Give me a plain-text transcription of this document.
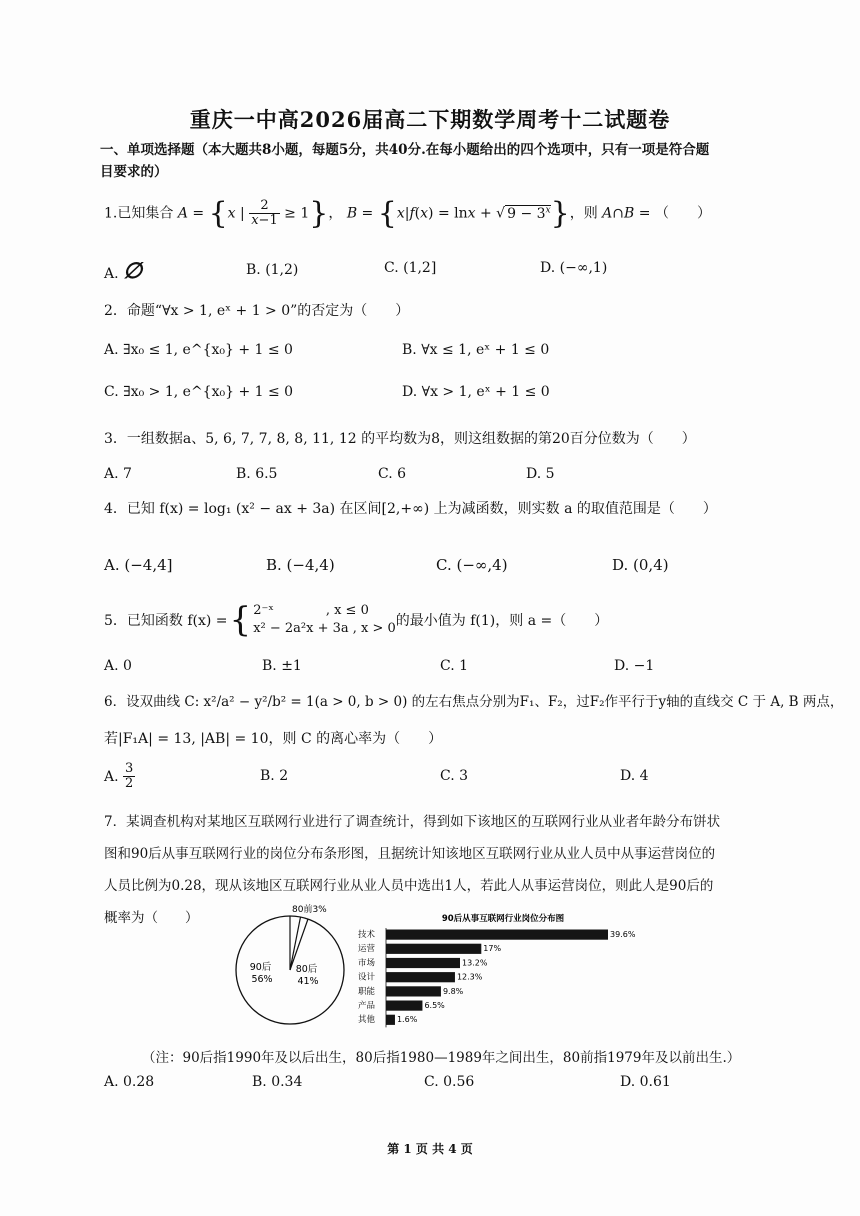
重庆一中高2026届高二下期数学周考十二试题卷
一、单项选择题（本大题共8小题，每题5分，共40分.在每小题给出的四个选项中，只有一项是符合题
目要求的）
1.已知集合 A = {x | $\frac{2}{x-1} \ge 1$}， B = {x|f(x) = lnx + √ $9 - 3^x$}，则 A∩B = （　　）
A. ∅	B. (1,2)	C. (1,2]	D. (−∞,1)
2．命题“∀x > 1, eˣ + 1 > 0”的否定为（　　）
A. ∃x₀ ≤ 1, e^{x₀} + 1 ≤ 0	B. ∀x ≤ 1, eˣ + 1 ≤ 0
C. ∃x₀ > 1, e^{x₀} + 1 ≤ 0	D. ∀x > 1, eˣ + 1 ≤ 0
3．一组数据a、5, 6, 7, 7, 8, 8, 11, 12 的平均数为8，则这组数据的第20百分位数为（　　）
A. 7	B. 6.5	C. 6	D. 5
4．已知 f(x) = log₁ (x² − ax + 3a) 在区间[2,+∞) 上为减函数，则实数 a 的取值范围是（　　）
A. (−4,4]	B. (−4,4)	C. (−∞,4)	D. (0,4)
5．已知函数 f(x) = { 2⁻ˣ　　　　, x ≤ 0
x² − 2a²x + 3a , x > 0 的最小值为 f(1)，则 a =（　　）
A. 0	B. ±1	C. 1	D. −1
6．设双曲线 C: x²/a² − y²/b² = 1(a > 0, b > 0) 的左右焦点分别为F₁、F₂，过F₂作平行于y轴的直线交 C 于 A, B 两点，
若|F₁A| = 13, |AB| = 10，则 C 的离心率为（　　）
A.
$\frac{3}{2}$	B. 2	C. 3	D. 4
7．某调查机构对某地区互联网行业进行了调查统计，得到如下该地区的互联网行业从业者年龄分布饼状
图和90后从事互联网行业的岗位分布条形图，且据统计知该地区互联网行业从业人员中从事运营岗位的
人员比例为0.28，现从该地区互联网行业从业人员中选出1人，若此人从事运营岗位，则此人是90后的
概率为（　　）
90后 56%
80后 41%
80前3%
90后从事互联网行业岗位分布图
技术	39.6%
运营	17%
市场	13.2%
设计	12.3%
职能	9.8%
产品	6.5%
其他	1.6%
（注：90后指1990年及以后出生，80后指1980—1989年之间出生，80前指1979年及以前出生.）
A. 0.28	B. 0.34	C. 0.56	D. 0.61
第 1 页 共 4 页
